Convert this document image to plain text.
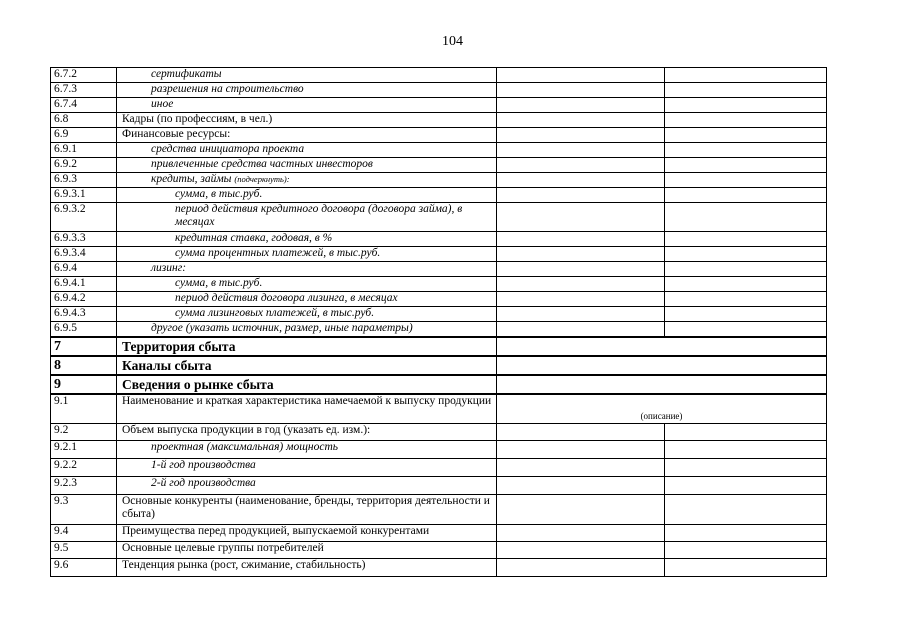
104
6.7.2	сертификаты		
6.7.3	разрешения на строительство		
6.7.4	иное		
6.8	Кадры (по профессиям, в чел.)		
6.9	Финансовые ресурсы:		
6.9.1	средства инициатора проекта		
6.9.2	привлеченные средства частных инвесторов		
6.9.3	кредиты, займы (подчеркнуть):		
6.9.3.1	сумма, в тыс.руб.		
6.9.3.2	период действия кредитного договора (договора займа), в месяцах		
6.9.3.3	кредитная ставка, годовая, в %		
6.9.3.4	сумма процентных платежей, в тыс.руб.		
6.9.4	лизинг:		
6.9.4.1	сумма, в тыс.руб.		
6.9.4.2	период действия договора лизинга, в месяцах		
6.9.4.3	сумма лизинговых платежей, в тыс.руб.		
6.9.5	другое (указать источник, размер, иные параметры)		
7	Территория сбыта		
8	Каналы сбыта		
9	Сведения о рынке сбыта		
9.1	Наименование и краткая характеристика намечаемой к выпуску продукции	(описание)	
9.2	Объем выпуска продукции в год (указать ед. изм.):		
9.2.1	проектная (максимальная) мощность		
9.2.2	1-й год производства		
9.2.3	2-й год производства		
9.3	Основные конкуренты (наименование, бренды, территория деятельности и сбыта)		
9.4	Преимущества перед продукцией, выпускаемой конкурентами		
9.5	Основные целевые группы потребителей		
9.6	Тенденция рынка (рост, сжимание, стабильность)		
